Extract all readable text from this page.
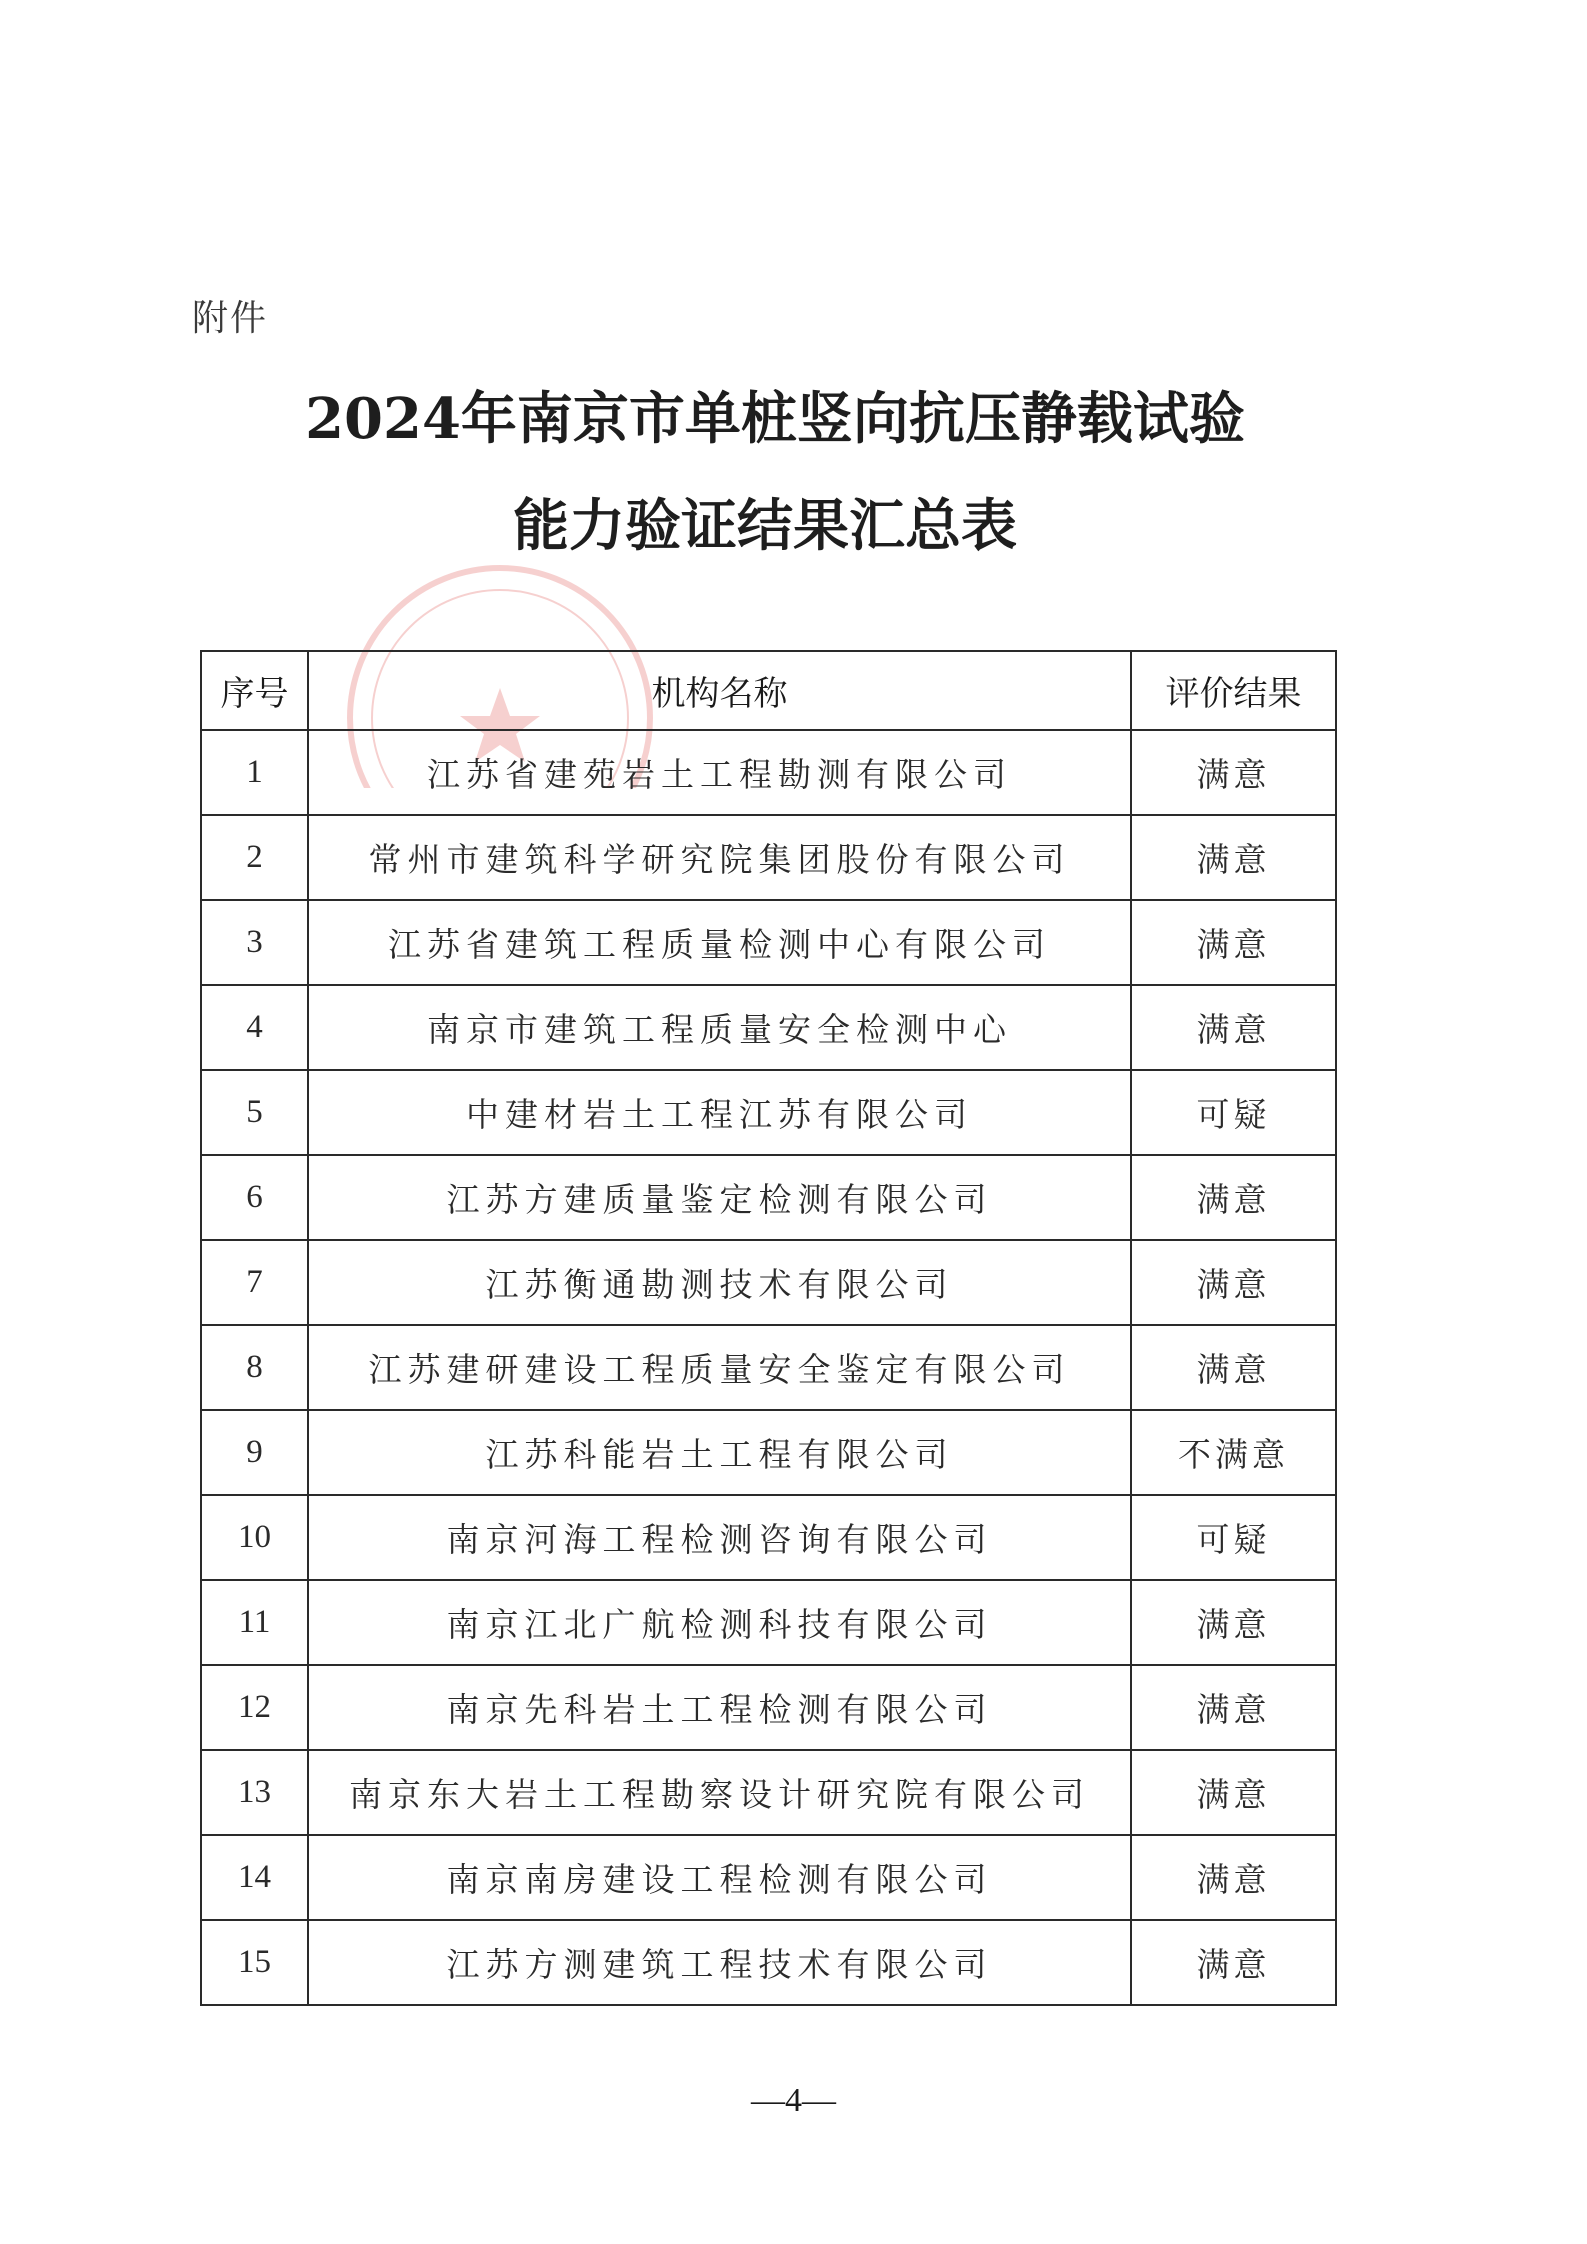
附件
2024年南京市单桩竖向抗压静载试验
能力验证结果汇总表
序号	机构名称	评价结果
1	江苏省建苑岩土工程勘测有限公司	满意
2	常州市建筑科学研究院集团股份有限公司	满意
3	江苏省建筑工程质量检测中心有限公司	满意
4	南京市建筑工程质量安全检测中心	满意
5	中建材岩土工程江苏有限公司	可疑
6	江苏方建质量鉴定检测有限公司	满意
7	江苏衡通勘测技术有限公司	满意
8	江苏建研建设工程质量安全鉴定有限公司	满意
9	江苏科能岩土工程有限公司	不满意
10	南京河海工程检测咨询有限公司	可疑
11	南京江北广航检测科技有限公司	满意
12	南京先科岩土工程检测有限公司	满意
13	南京东大岩土工程勘察设计研究院有限公司	满意
14	南京南房建设工程检测有限公司	满意
15	江苏方测建筑工程技术有限公司	满意
—4—
